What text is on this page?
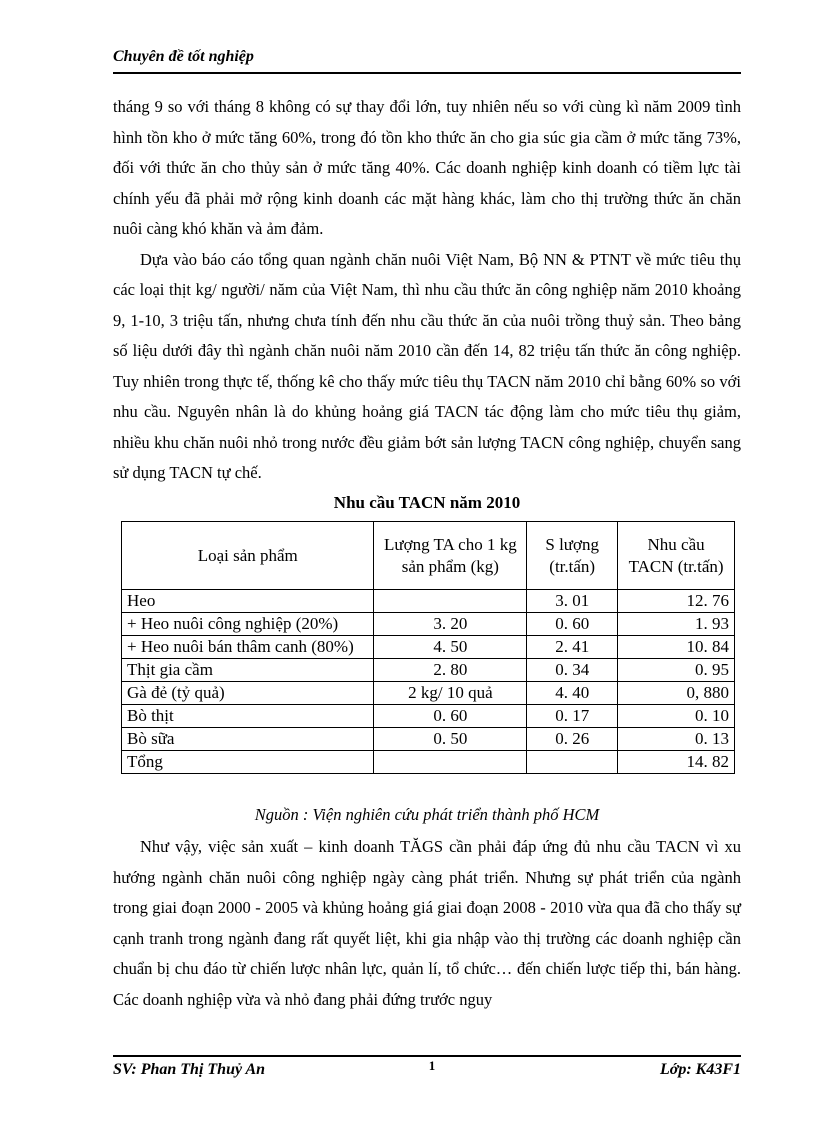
Chuyên đề tốt nghiệp

tháng 9 so với tháng 8 không có sự thay đổi lớn, tuy nhiên nếu so với cùng kì năm 2009 tình hình tồn kho ở mức tăng 60%, trong đó tồn kho thức ăn cho gia súc gia cầm ở mức tăng 73%, đối với thức ăn cho thủy sản ở mức tăng 40%. Các doanh nghiệp kinh doanh có tiềm lực tài chính yếu đã phải mở rộng kinh doanh các mặt hàng khác, làm cho thị trường thức ăn chăn nuôi càng khó khăn và ảm đảm.

Dựa vào báo cáo tổng quan ngành chăn nuôi Việt Nam, Bộ NN & PTNT về mức tiêu thụ các loại thịt kg/ người/ năm của Việt Nam, thì nhu cầu thức ăn công nghiệp năm 2010 khoảng 9, 1-10, 3 triệu tấn, nhưng chưa tính đến nhu cầu thức ăn của nuôi trồng thuỷ sản. Theo bảng số liệu dưới đây thì ngành chăn nuôi năm 2010 cần đến 14, 82 triệu tấn thức ăn công nghiệp. Tuy nhiên trong thực tế, thống kê cho thấy mức tiêu thụ TACN năm 2010 chỉ bằng 60% so với nhu cầu. Nguyên nhân là do khủng hoảng giá TACN tác động làm cho mức tiêu thụ giảm, nhiều khu chăn nuôi nhỏ trong nước đều giảm bớt sản lượng TACN công nghiệp, chuyển sang sử dụng TACN tự chế.

Nhu cầu TACN năm 2010
Loại sản phẩm	Lượng TA cho 1 kg sản phẩm (kg)	S lượng (tr.tấn)	Nhu cầu TACN (tr.tấn)
Heo		3. 01	12. 76
+ Heo nuôi công nghiệp (20%)	3. 20	0. 60	1. 93
+ Heo nuôi bán thâm canh (80%)	4. 50	2. 41	10. 84
Thịt gia cầm	2. 80	0. 34	0. 95
Gà đẻ (tỷ quả)	2 kg/ 10 quả	4. 40	0, 880
Bò thịt	0. 60	0. 17	0. 10
Bò sữa	0. 50	0. 26	0. 13
Tổng			14. 82
Nguồn : Viện nghiên cứu phát triển thành phố HCM

Như vậy, việc sản xuất – kinh doanh TĂGS cần phải đáp ứng đủ nhu cầu TACN vì xu hướng ngành chăn nuôi công nghiệp ngày càng phát triển. Nhưng sự phát triển của ngành trong giai đoạn 2000 - 2005 và khủng hoảng giá giai đoạn 2008 - 2010 vừa qua đã cho thấy sự cạnh tranh trong ngành đang rất quyết liệt, khi gia nhập vào thị trường các doanh nghiệp cần chuẩn bị chu đáo từ chiến lược nhân lực, quản lí, tổ chức… đến chiến lược tiếp thi, bán hàng. Các doanh nghiệp vừa và nhỏ đang phải đứng trước nguy

SV: Phan Thị Thuỷ An	1	Lớp: K43F1
